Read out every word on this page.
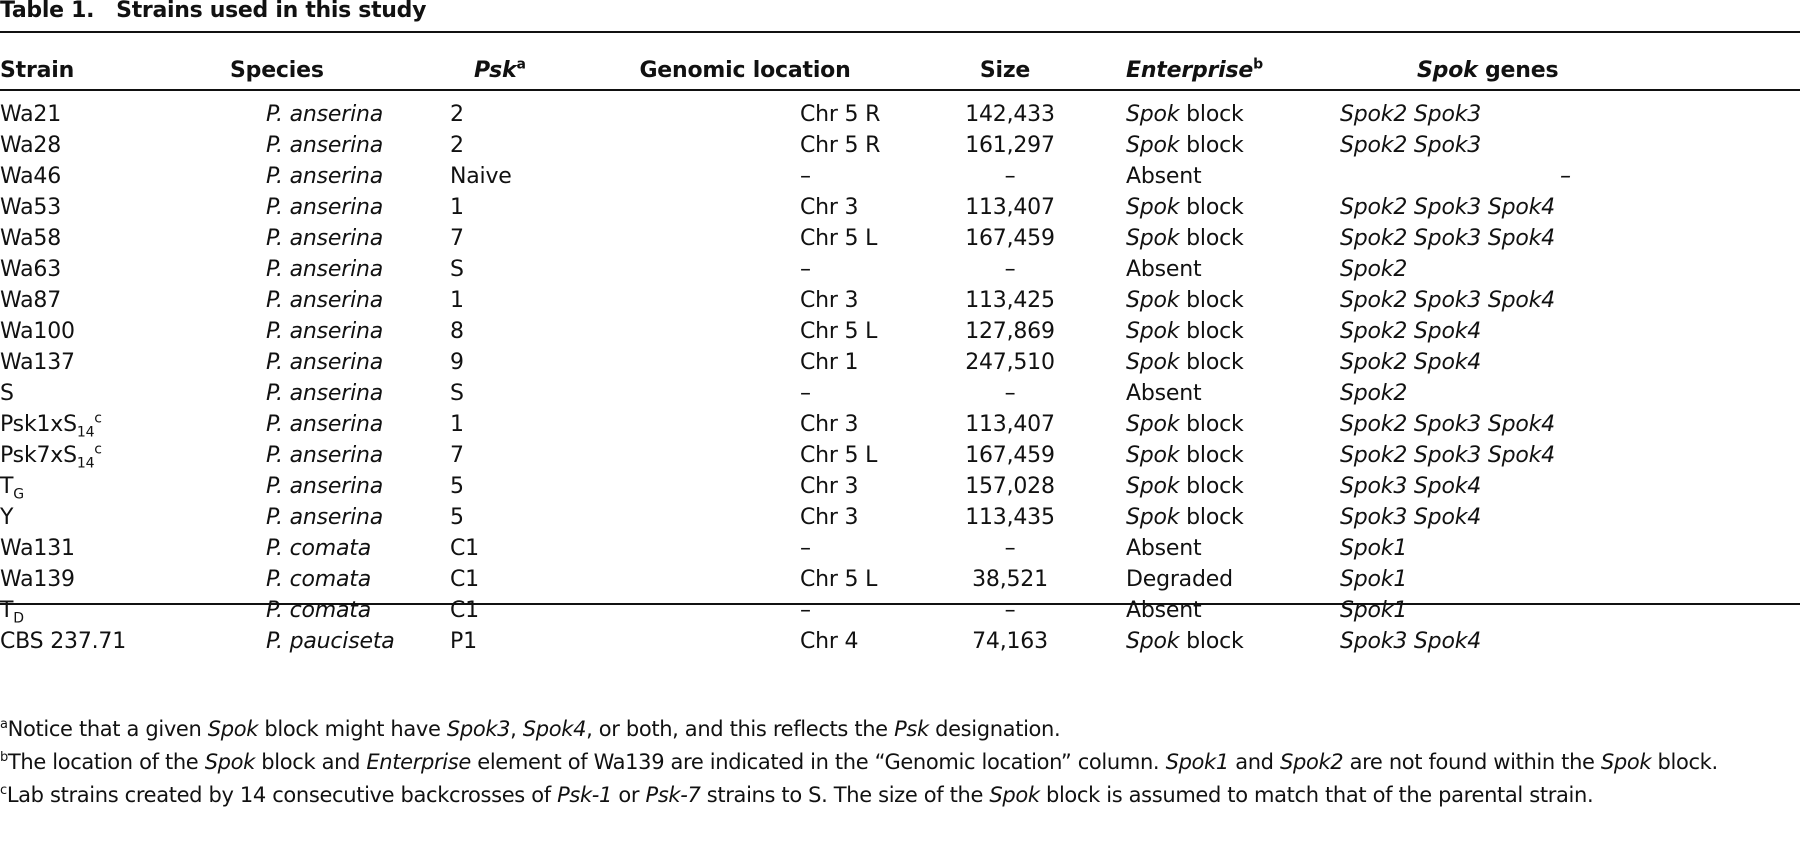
Table 1. Strains used in this study
Strain	Species	Psk$^a$	Genomic location	Size	Enterprise$^b$	Spok genes
Wa21	P. anserina	2	Chr 5 R	142,433	Spok block	Spok2 Spok3
Wa28	P. anserina	2	Chr 5 R	161,297	Spok block	Spok2 Spok3
Wa46	P. anserina	Naive	–	–	Absent	–
Wa53	P. anserina	1	Chr 3	113,407	Spok block	Spok2 Spok3 Spok4
Wa58	P. anserina	7	Chr 5 L	167,459	Spok block	Spok2 Spok3 Spok4
Wa63	P. anserina	S	–	–	Absent	Spok2
Wa87	P. anserina	1	Chr 3	113,425	Spok block	Spok2 Spok3 Spok4
Wa100	P. anserina	8	Chr 5 L	127,869	Spok block	Spok2 Spok4
Wa137	P. anserina	9	Chr 1	247,510	Spok block	Spok2 Spok4
S	P. anserina	S	–	–	Absent	Spok2
$Psk1xS_{14}^c$	P. anserina	1	Chr 3	113,407	Spok block	Spok2 Spok3 Spok4
$Psk7xS_{14}^c$	P. anserina	7	Chr 5 L	167,459	Spok block	Spok2 Spok3 Spok4
$T_G$	P. anserina	5	Chr 3	157,028	Spok block	Spok3 Spok4
Y	P. anserina	5	Chr 3	113,435	Spok block	Spok3 Spok4
Wa131	P. comata	C1	–	–	Absent	Spok1
Wa139	P. comata	C1	Chr 5 L	38,521	Degraded	Spok1
$T_D$	P. comata	C1	–	–	Absent	Spok1
CBS 237.71	P. pauciseta	P1	Chr 4	74,163	Spok block	Spok3 Spok4

$^a$Notice that a given Spok block might have Spok3, Spok4, or both, and this reflects the Psk designation.

$^b$The location of the Spok block and Enterprise element of Wa139 are indicated in the “Genomic location” column. Spok1 and Spok2 are not found within the Spok block.

$^c$Lab strains created by 14 consecutive backcrosses of Psk-1 or Psk-7 strains to S. The size of the Spok block is assumed to match that of the parental strain.
